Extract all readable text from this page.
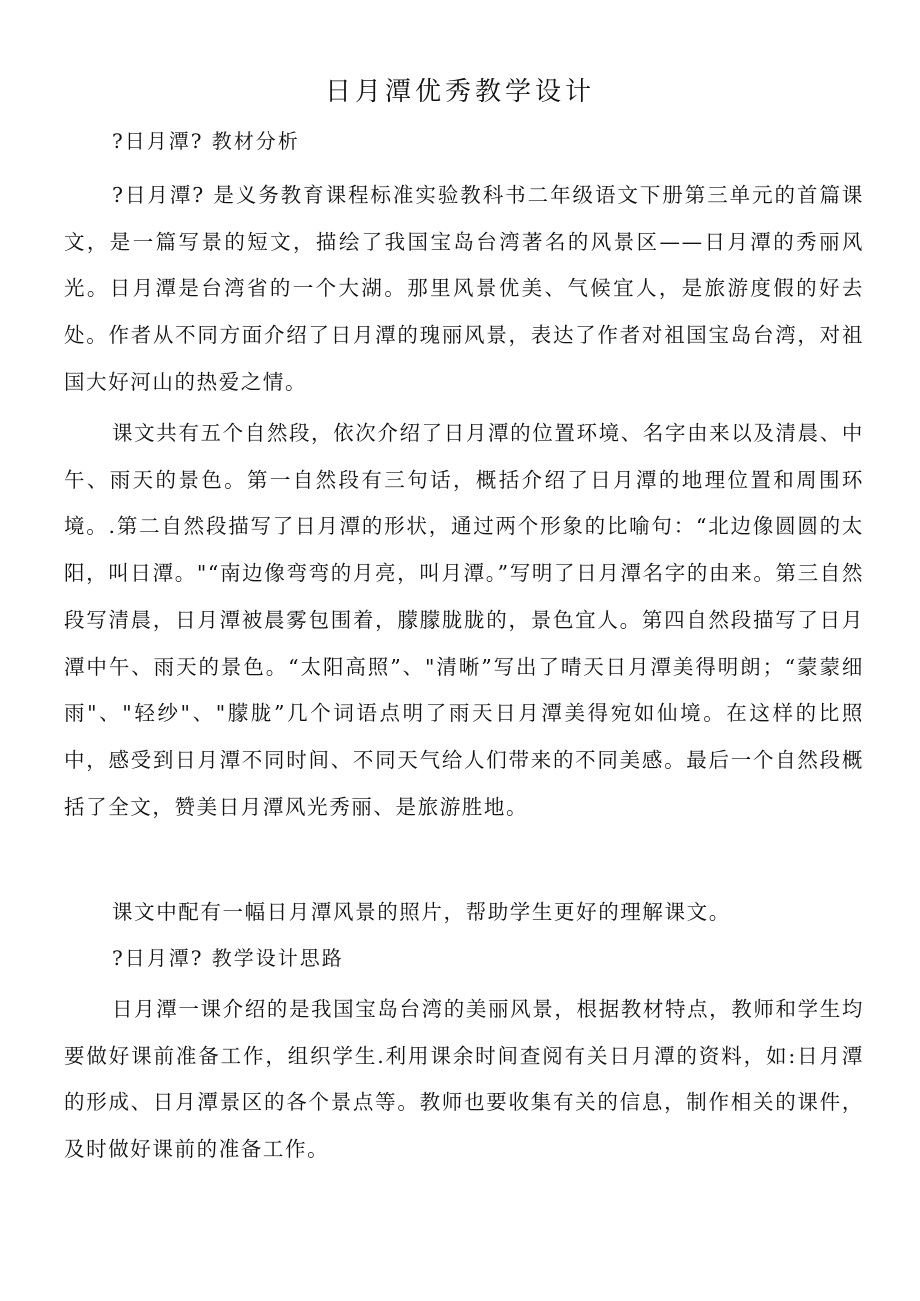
日月潭优秀教学设计
?日月潭? 教材分析

?日月潭? 是义务教育课程标准实验教科书二年级语文下册第三单元的首篇课文，是一篇写景的短文，描绘了我国宝岛台湾著名的风景区——日月潭的秀丽风光。日月潭是台湾省的一个大湖。那里风景优美、气候宜人，是旅游度假的好去处。作者从不同方面介绍了日月潭的瑰丽风景，表达了作者对祖国宝岛台湾，对祖国大好河山的热爱之情。

课文共有五个自然段，依次介绍了日月潭的位置环境、名字由来以及清晨、中午、雨天的景色。第一自然段有三句话，概括介绍了日月潭的地理位置和周围环境。.第二自然段描写了日月潭的形状，通过两个形象的比喻句：“北边像圆圆的太阳，叫日潭。"“南边像弯弯的月亮，叫月潭。”写明了日月潭名字的由来。第三自然段写清晨，日月潭被晨雾包围着，朦朦胧胧的，景色宜人。第四自然段描写了日月潭中午、雨天的景色。“太阳高照”、"清晰”写出了晴天日月潭美得明朗；“蒙蒙细雨"、"轻纱"、"朦胧”几个词语点明了雨天日月潭美得宛如仙境。在这样的比照中，感受到日月潭不同时间、不同天气给人们带来的不同美感。最后一个自然段概括了全文，赞美日月潭风光秀丽、是旅游胜地。

课文中配有一幅日月潭风景的照片，帮助学生更好的理解课文。

?日月潭? 教学设计思路

日月潭一课介绍的是我国宝岛台湾的美丽风景，根据教材特点，教师和学生均要做好课前准备工作，组织学生.利用课余时间查阅有关日月潭的资料，如:日月潭的形成、日月潭景区的各个景点等。教师也要收集有关的信息，制作相关的课件，及时做好课前的准备工作。
